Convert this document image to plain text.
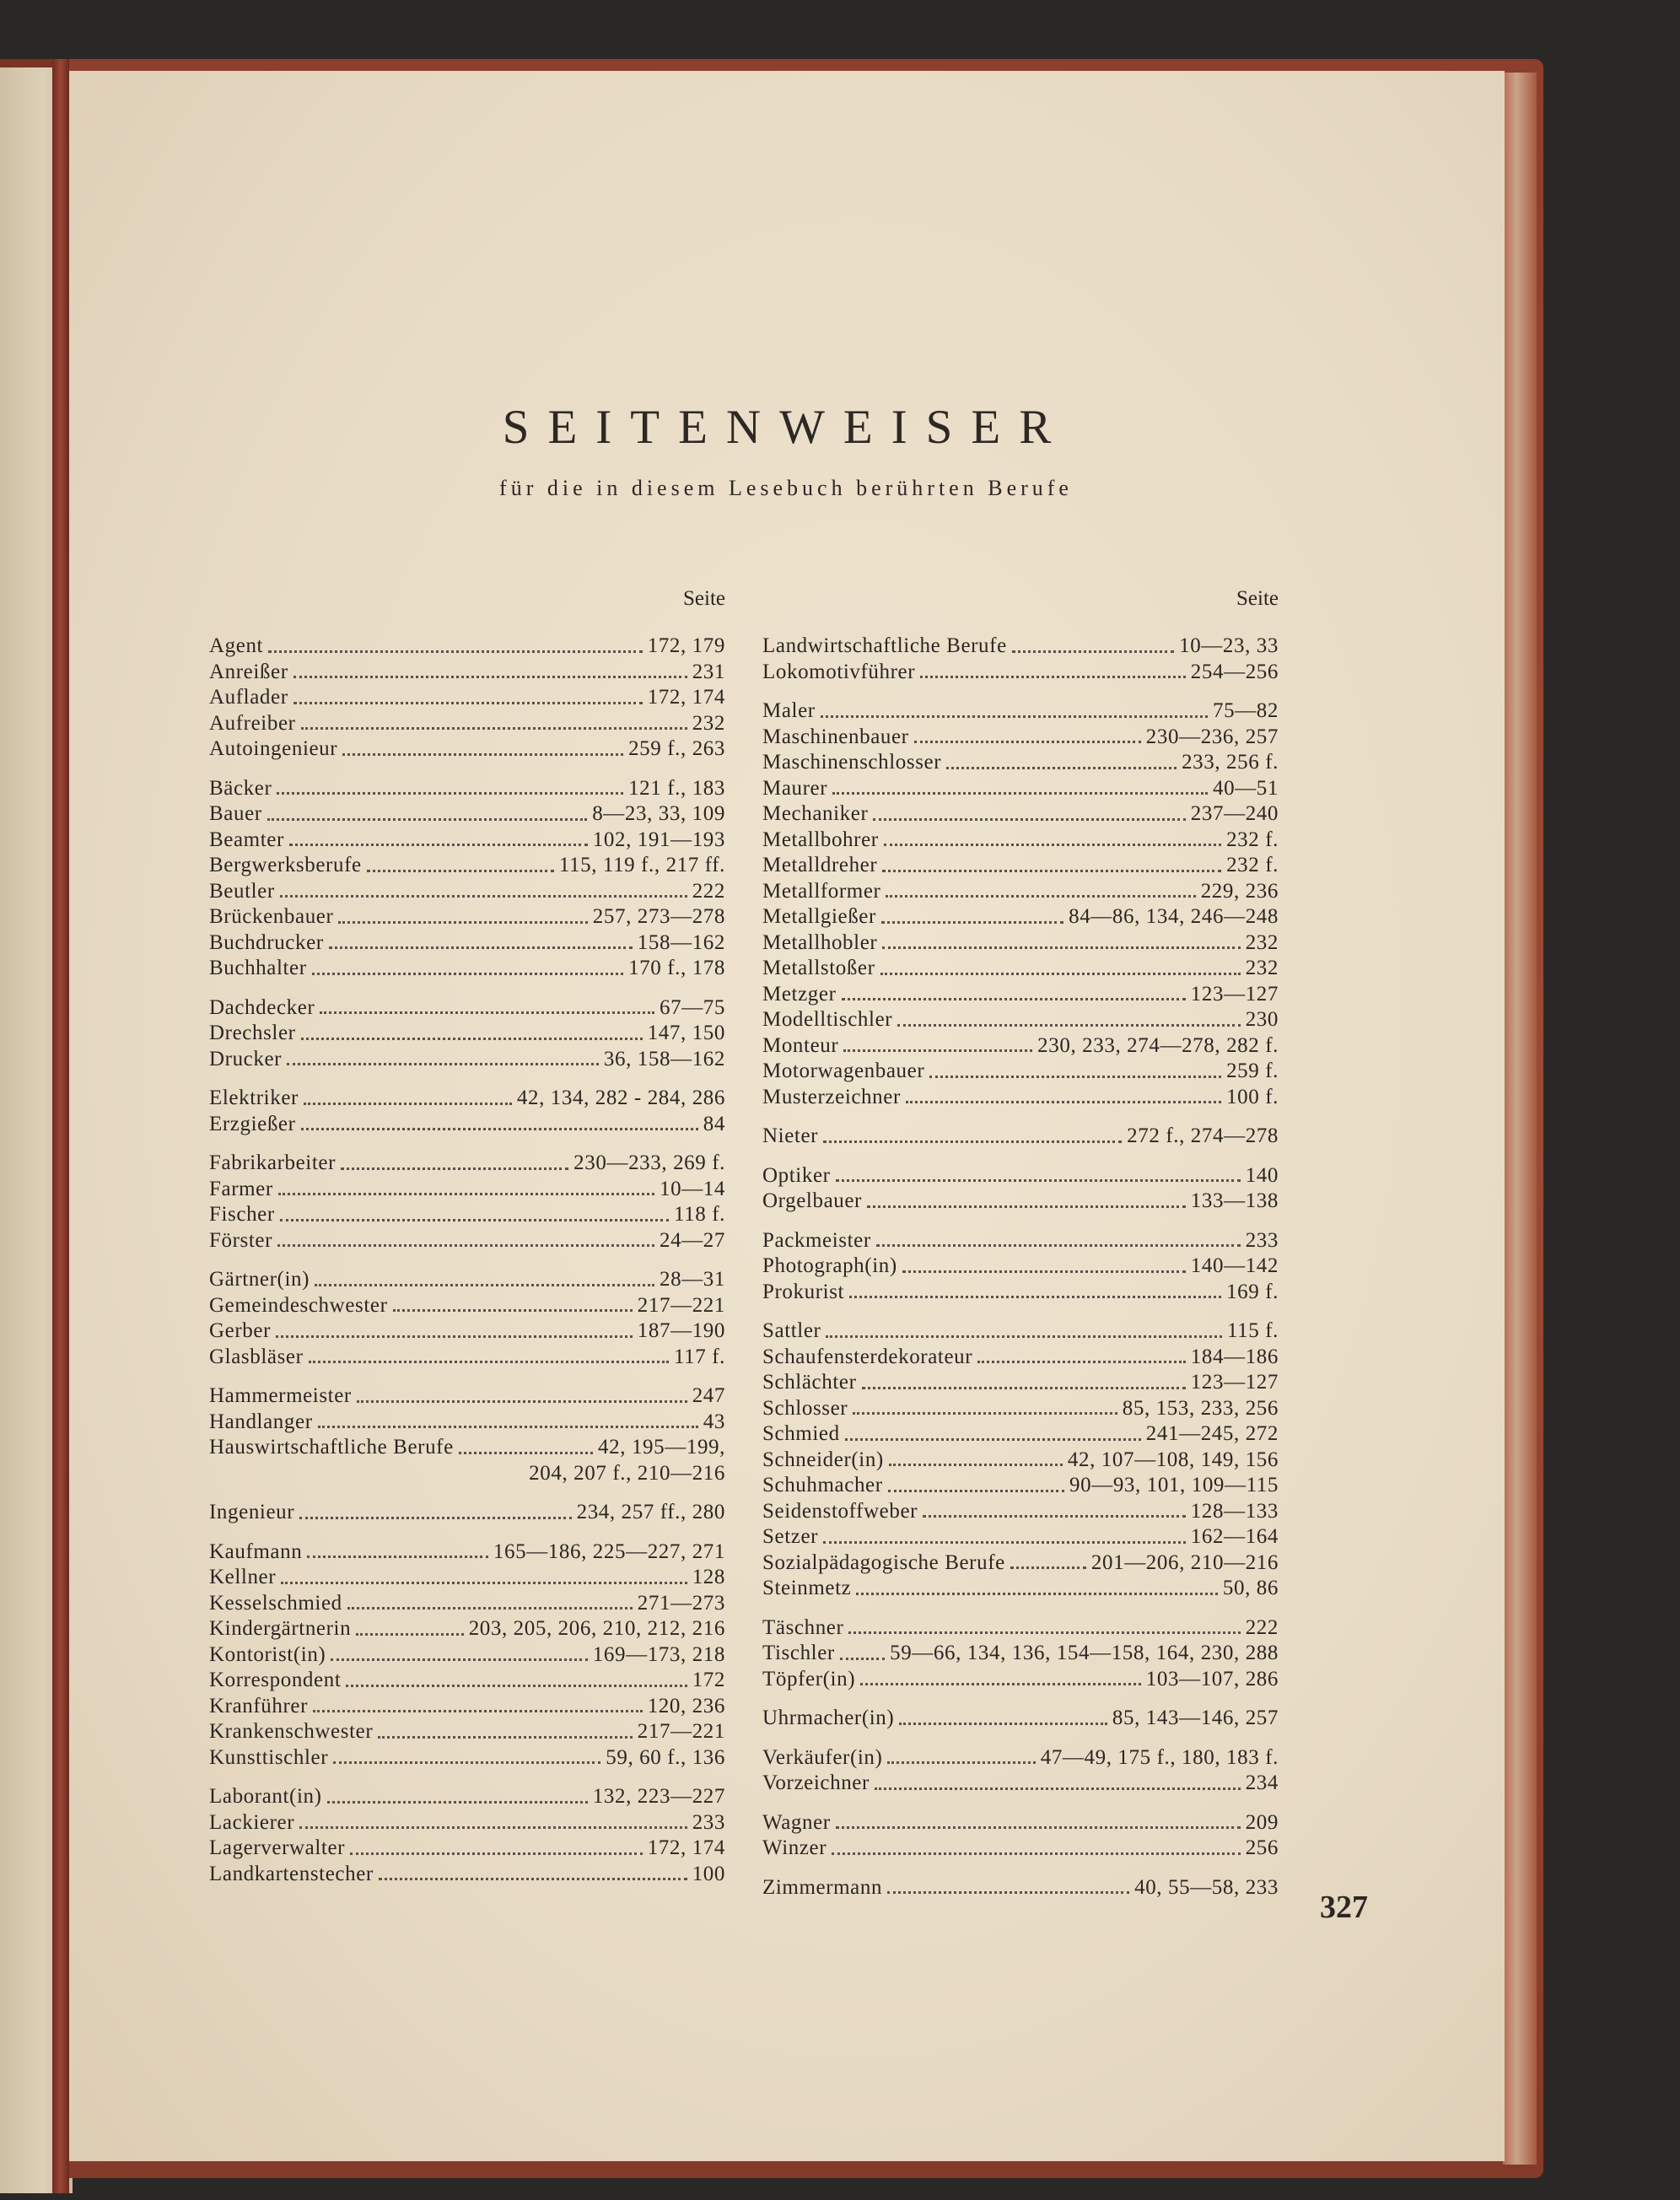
SEITENWEISER
für die in diesem Lesebuch berührten Berufe
Seite
Agent	172, 179
Anreißer	231
Auflader	172, 174
Aufreiber	232
Autoingenieur	259 f., 263
Bäcker	121 f., 183
Bauer	8—23, 33, 109
Beamter	102, 191—193
Bergwerksberufe	115, 119 f., 217 ff.
Beutler	222
Brückenbauer	257, 273—278
Buchdrucker	158—162
Buchhalter	170 f., 178
Dachdecker	67—75
Drechsler	147, 150
Drucker	36, 158—162
Elektriker	42, 134, 282 - 284, 286
Erzgießer	84
Fabrikarbeiter	230—233, 269 f.
Farmer	10—14
Fischer	118 f.
Förster	24—27
Gärtner(in)	28—31
Gemeindeschwester	217—221
Gerber	187—190
Glasbläser	117 f.
Hammermeister	247
Handlanger	43
Hauswirtschaftliche Berufe	42, 195—199,
204, 207 f., 210—216
Ingenieur	234, 257 ff., 280
Kaufmann	165—186, 225—227, 271
Kellner	128
Kesselschmied	271—273
Kindergärtnerin	203, 205, 206, 210, 212, 216
Kontorist(in)	169—173, 218
Korrespondent	172
Kranführer	120, 236
Krankenschwester	217—221
Kunsttischler	59, 60 f., 136
Laborant(in)	132, 223—227
Lackierer	233
Lagerverwalter	172, 174
Landkartenstecher	100
Seite
Landwirtschaftliche Berufe	10—23, 33
Lokomotivführer	254—256
Maler	75—82
Maschinenbauer	230—236, 257
Maschinenschlosser	233, 256 f.
Maurer	40—51
Mechaniker	237—240
Metallbohrer	232 f.
Metalldreher	232 f.
Metallformer	229, 236
Metallgießer	84—86, 134, 246—248
Metallhobler	232
Metallstoßer	232
Metzger	123—127
Modelltischler	230
Monteur	230, 233, 274—278, 282 f.
Motorwagenbauer	259 f.
Musterzeichner	100 f.
Nieter	272 f., 274—278
Optiker	140
Orgelbauer	133—138
Packmeister	233
Photograph(in)	140—142
Prokurist	169 f.
Sattler	115 f.
Schaufensterdekorateur	184—186
Schlächter	123—127
Schlosser	85, 153, 233, 256
Schmied	241—245, 272
Schneider(in)	42, 107—108, 149, 156
Schuhmacher	90—93, 101, 109—115
Seidenstoffweber	128—133
Setzer	162—164
Sozialpädagogische Berufe	201—206, 210—216
Steinmetz	50, 86
Täschner	222
Tischler	59—66, 134, 136, 154—158, 164, 230, 288
Töpfer(in)	103—107, 286
Uhrmacher(in)	85, 143—146, 257
Verkäufer(in)	47—49, 175 f., 180, 183 f.
Vorzeichner	234
Wagner	209
Winzer	256
Zimmermann	40, 55—58, 233
327
